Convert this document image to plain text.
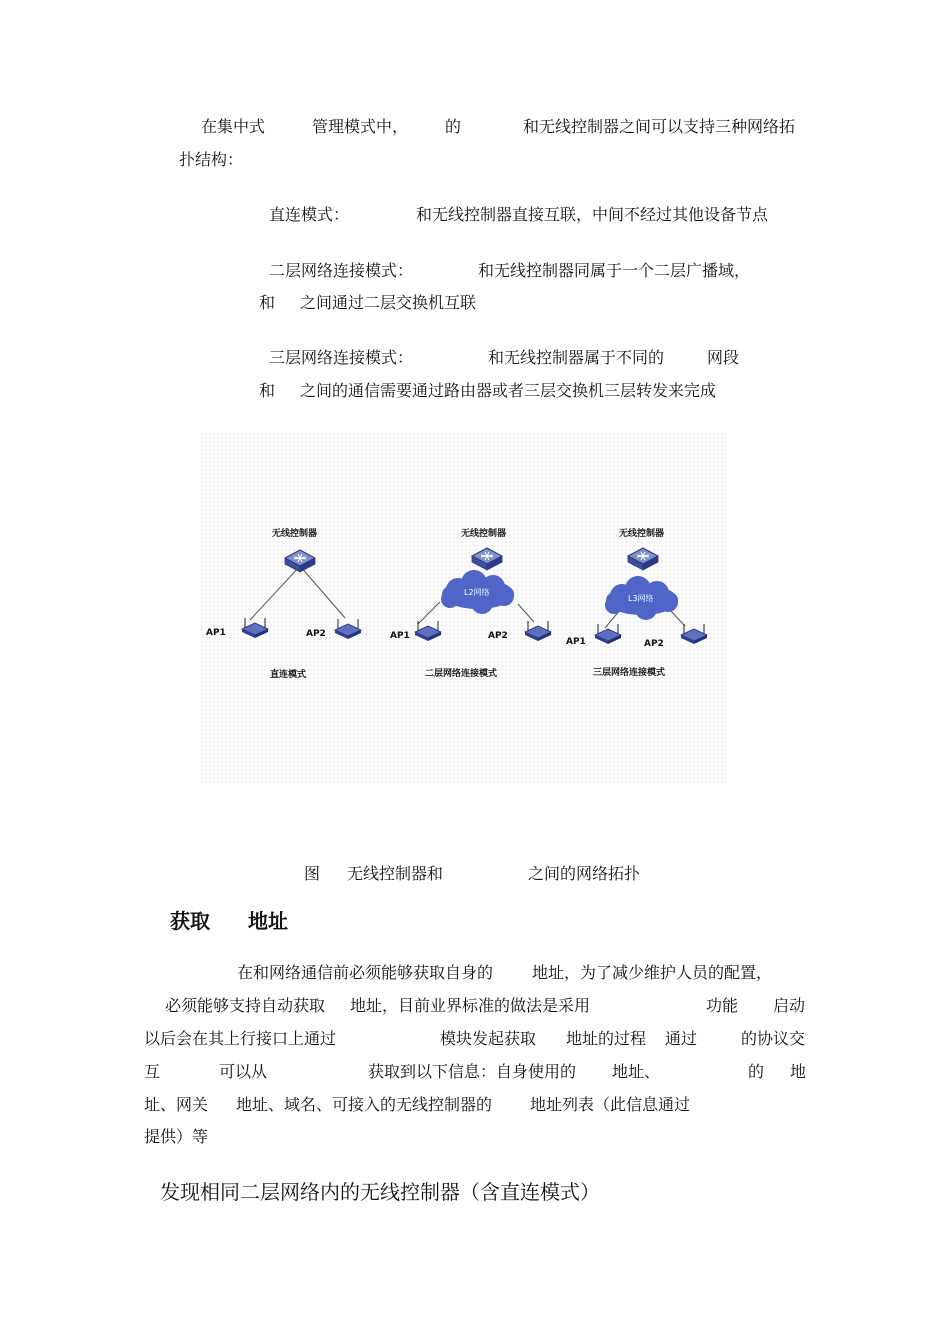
在集中式	管理模式中， 的	和无线控制器之间可以支持三种网络拓
扑结构：
直连模式：	和无线控制器直接互联，中间不经过其他设备节点
二层网络连接模式：	和无线控制器同属于一个二层广播域，
和 之间通过二层交换机互联
三层网络连接模式：	和无线控制器属于不同的	网段
和 之间的通信需要通过路由器或者三层交换机三层转发来完成
无线控制器
AP1	AP2
直连模式
无线控制器
L2网络
AP1	AP2
二层网络连接模式
无线控制器
L3网络
AP1	AP2
三层网络连接模式
图 无线控制器和	之间的网络拓扑
获取 地址
在和网络通信前必须能够获取自身的 地址，为了减少维护人员的配置，
必须能够支持自动获取 地址，目前业界标准的做法是采用	功能 启动
以后会在其上行接口上通过	模块发起获取 地址的过程 通过	的协议交
互	可以从	获取到以下信息：自身使用的 地址、	的 地
址、网关 地址、域名、可接入的无线控制器的 地址列表（此信息通过
提供）等
发现相同二层网络内的无线控制器（含直连模式）
